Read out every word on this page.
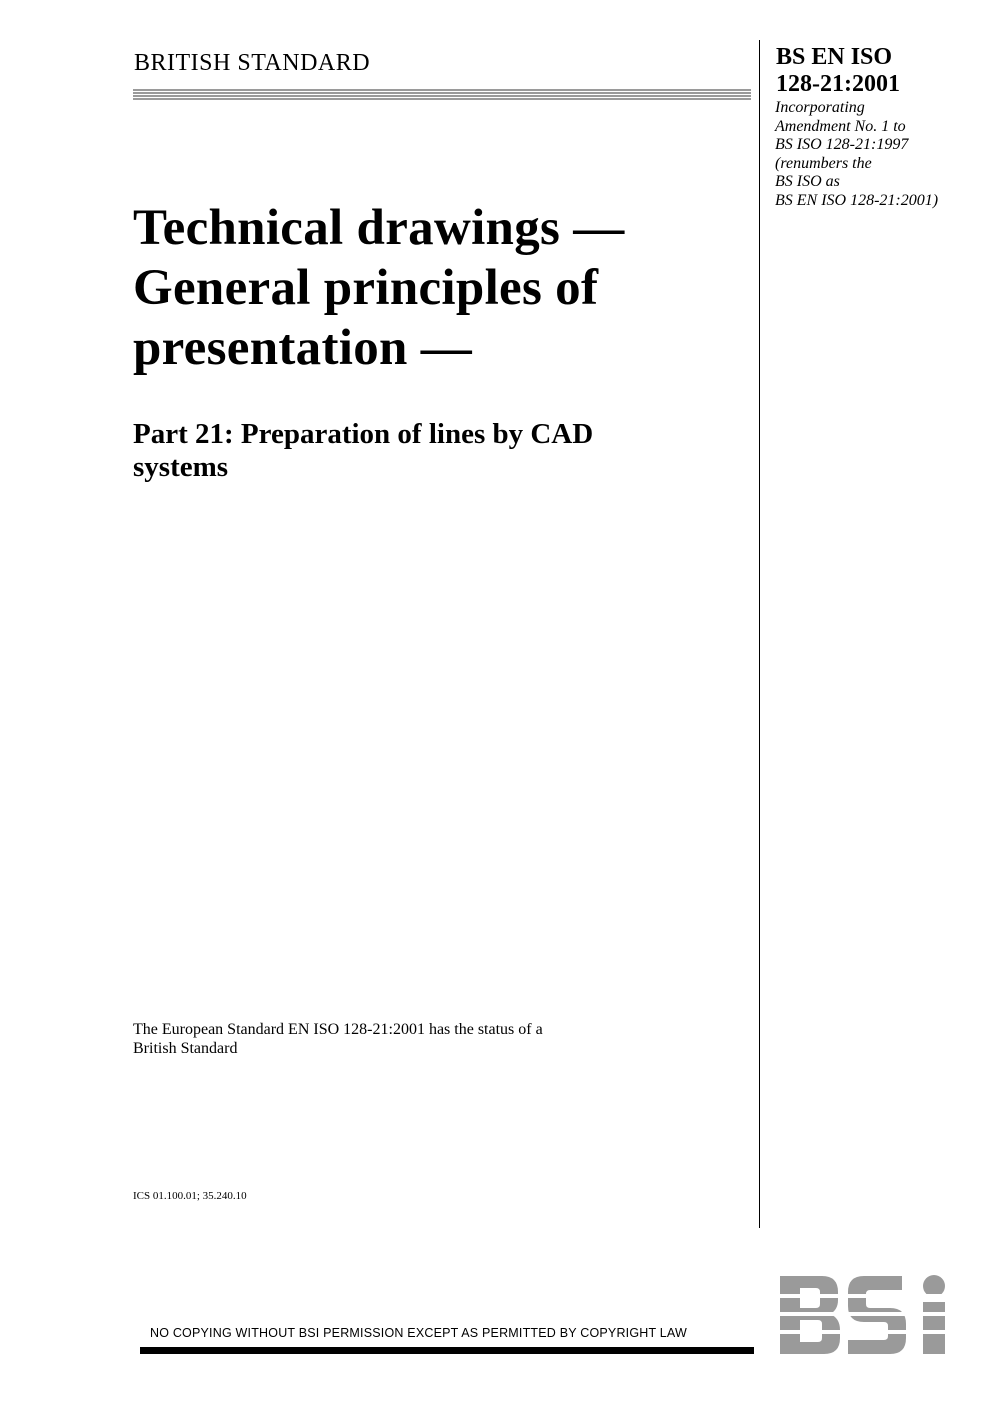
BRITISH STANDARD	BS EN ISO
128-21:2001
Incorporating
Amendment No. 1 to
BS ISO 128-21:1997
(renumbers the
BS ISO as
BS EN ISO 128-21:2001)
Technical drawings —
General principles of
presentation —
Part 21: Preparation of lines by CAD
systems
The European Standard EN ISO 128-21:2001 has the status of a
British Standard
ICS 01.100.01; 35.240.10
NO COPYING WITHOUT BSI PERMISSION EXCEPT AS PERMITTED BY COPYRIGHT LAW
